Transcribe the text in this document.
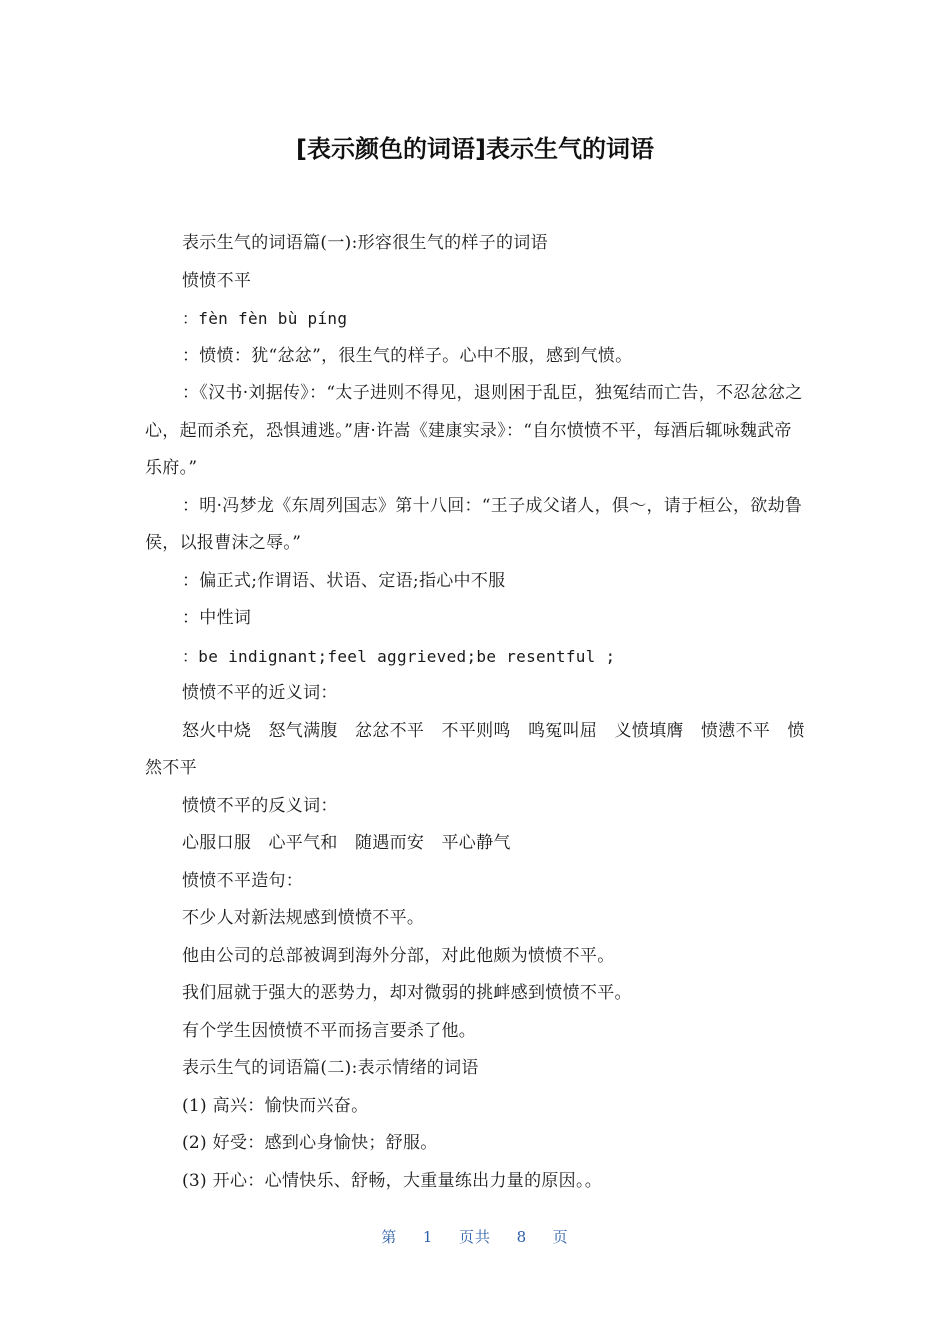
[表示颜色的词语]表示生气的词语

表示生气的词语篇(一):形容很生气的样子的词语

愤愤不平

：fèn fèn bù píng

：愤愤：犹“忿忿”，很生气的样子。心中不服，感到气愤。

：《汉书·刘据传》：“太子进则不得见，退则困于乱臣，独冤结而亡告，不忍忿忿之心，起而杀充，恐惧逋逃。”唐·许嵩《建康实录》：“自尔愤愤不平，每酒后辄咏魏武帝乐府。”

：明·冯梦龙《东周列国志》第十八回：“王子成父诸人，俱～，请于桓公，欲劫鲁侯，以报曹沫之辱。”

：偏正式;作谓语、状语、定语;指心中不服

：中性词

：be indignant;feel aggrieved;be resentful ;

愤愤不平的近义词：

怒火中烧　怒气满腹　忿忿不平　不平则鸣　鸣冤叫屈　义愤填膺　愤懑不平　愤然不平

愤愤不平的反义词：

心服口服　心平气和　随遇而安　平心静气

愤愤不平造句：

不少人对新法规感到愤愤不平。

他由公司的总部被调到海外分部，对此他颇为愤愤不平。

我们屈就于强大的恶势力，却对微弱的挑衅感到愤愤不平。

有个学生因愤愤不平而扬言要杀了他。

表示生气的词语篇(二):表示情绪的词语

(1) 高兴：愉快而兴奋。

(2) 好受：感到心身愉快；舒服。

(3) 开心：心情快乐、舒畅，大重量练出力量的原因。。

第 1 页共 8 页
